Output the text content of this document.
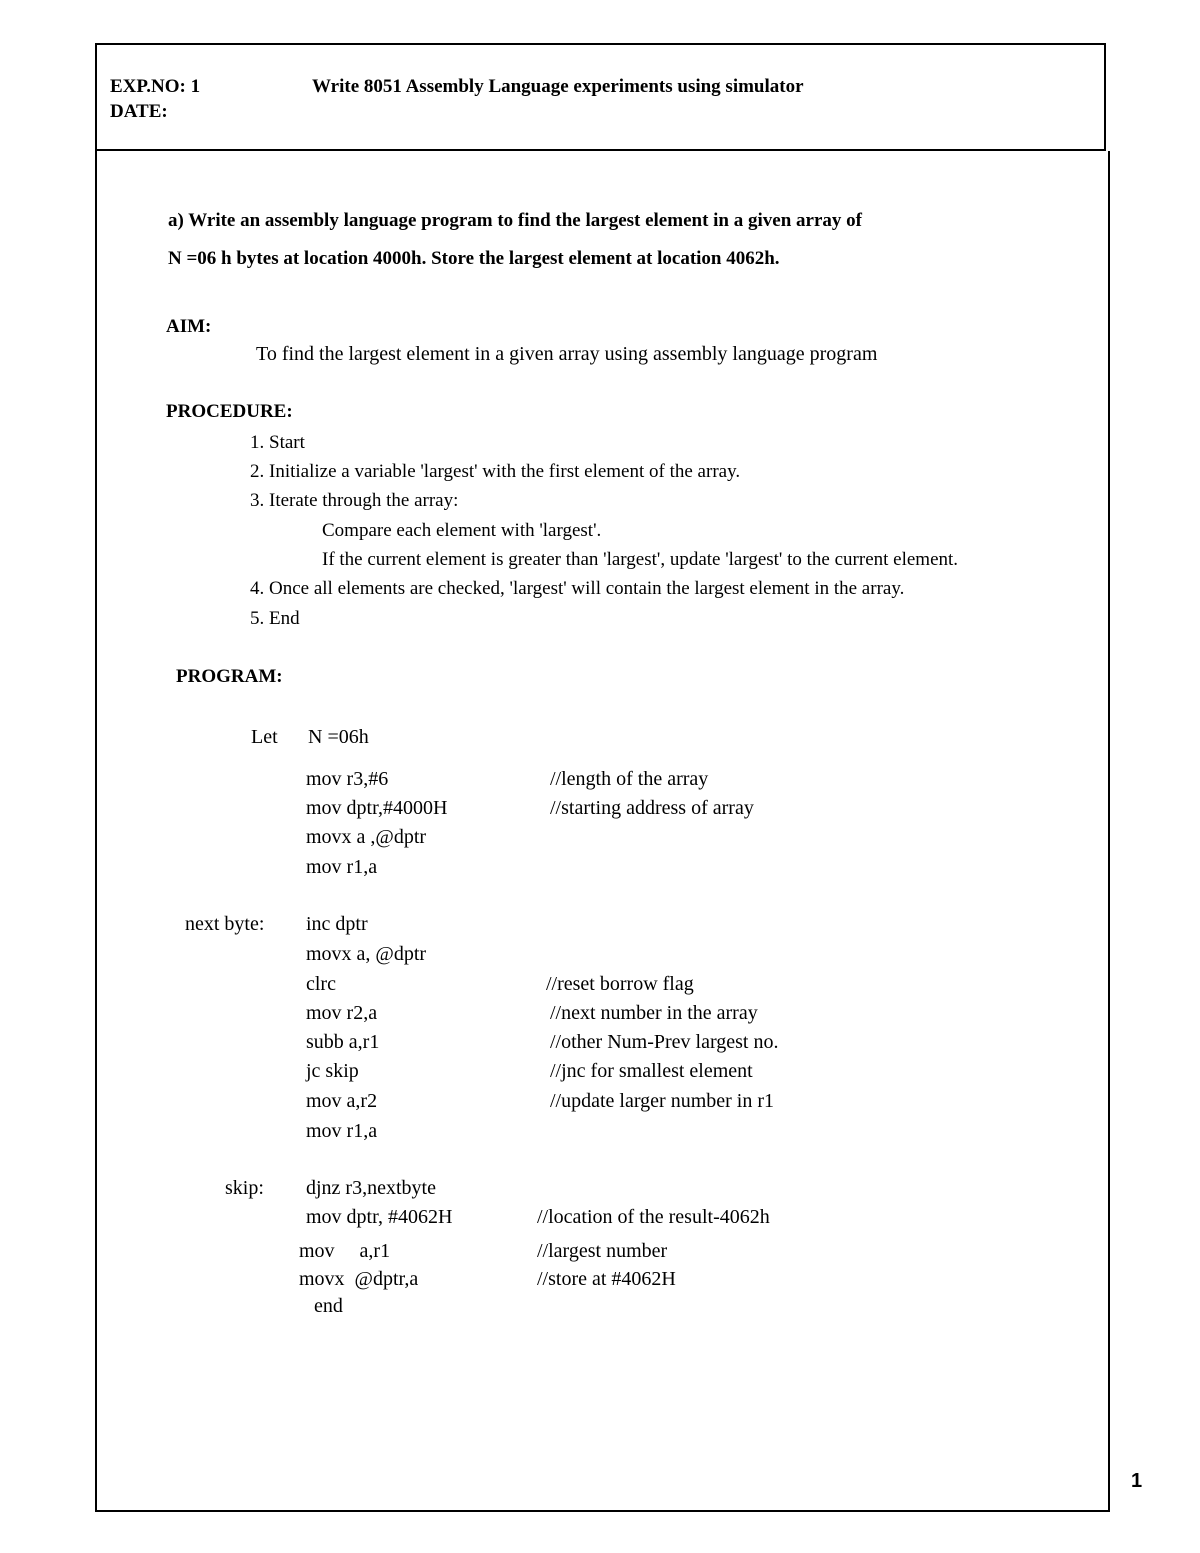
EXP.NO: 1
DATE:
Write 8051 Assembly Language experiments using simulator
a) Write an assembly language program to find the largest element in a given array of
N =06 h bytes at location 4000h. Store the largest element at location 4062h.
AIM:
To find the largest element in a given array using assembly language program
PROCEDURE:
1. Start
2. Initialize a variable 'largest' with the first element of the array.
3. Iterate through the array:
Compare each element with 'largest'.
If the current element is greater than 'largest', update 'largest' to the current element.
4. Once all elements are checked, 'largest' will contain the largest element in the array.
5. End
PROGRAM:
Let N =06h
mov r3,#6	//length of the array
mov dptr,#4000H	//starting address of array
movx a ,@dptr
mov r1,a
next byte: inc dptr
movx a, @dptr
clrc	//reset borrow flag
mov r2,a	//next number in the array
subb a,r1	//other Num-Prev largest no.
jc skip	//jnc for smallest element
mov a,r2	//update larger number in r1
mov r1,a
skip: djnz r3,nextbyte
mov dptr, #4062H	//location of the result-4062h
mov     a,r1	//largest number
movx  @dptr,a	//store at #4062H
end
1
